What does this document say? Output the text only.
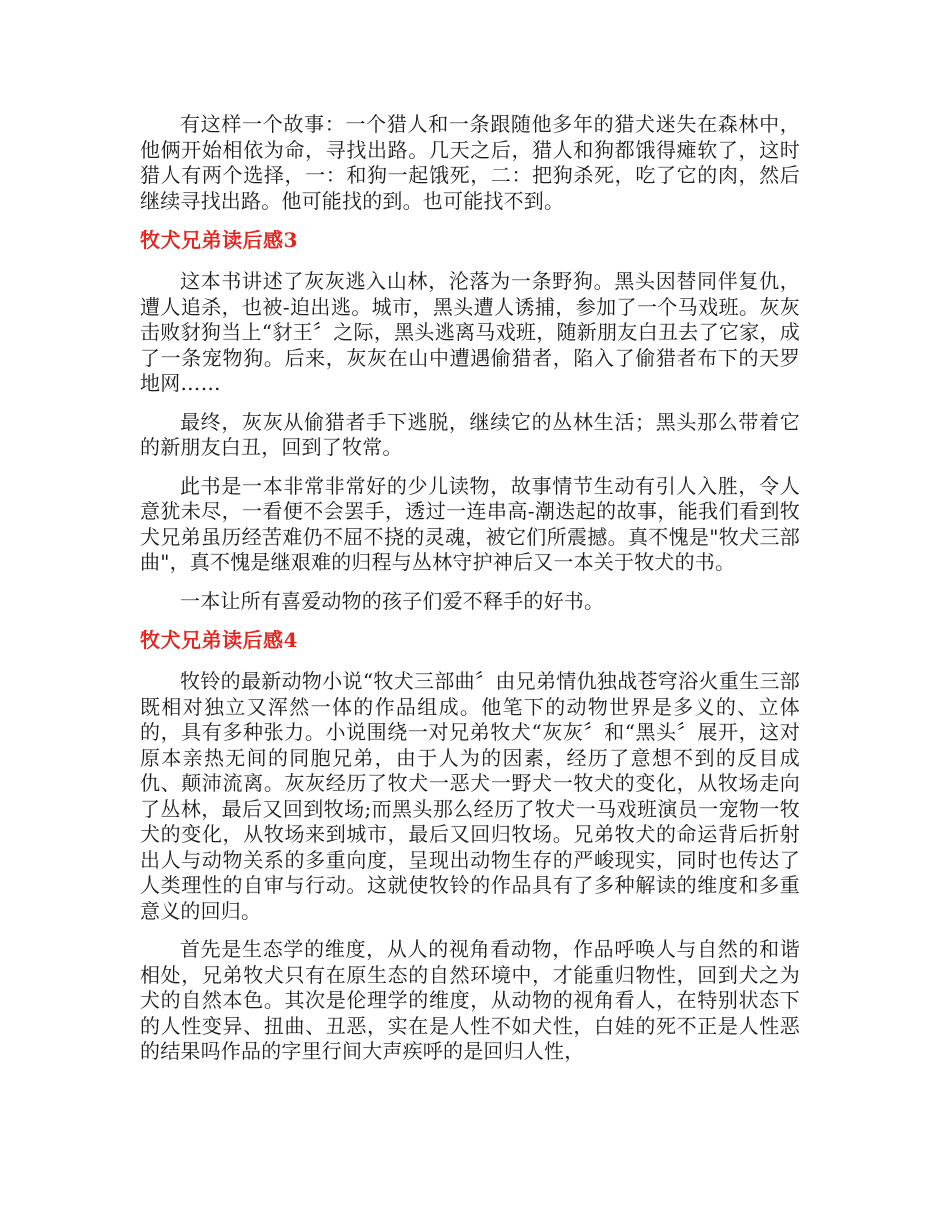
有这样一个故事：一个猎人和一条跟随他多年的猎犬迷失在森林中，他俩开始相依为命，寻找出路。几天之后，猎人和狗都饿得瘫软了，这时猎人有两个选择，一：和狗一起饿死，二：把狗杀死，吃了它的肉，然后继续寻找出路。他可能找的到。也可能找不到。

牧犬兄弟读后感3

这本书讲述了灰灰逃入山林，沦落为一条野狗。黑头因替同伴复仇，遭人追杀，也被-迫出逃。城市，黑头遭人诱捕，参加了一个马戏班。灰灰击败豺狗当上“豺王〞之际，黑头逃离马戏班，随新朋友白丑去了它家，成了一条宠物狗。后来，灰灰在山中遭遇偷猎者，陷入了偷猎者布下的天罗地网……

最终，灰灰从偷猎者手下逃脱，继续它的丛林生活；黑头那么带着它的新朋友白丑，回到了牧常。

此书是一本非常非常好的少儿读物，故事情节生动有引人入胜，令人意犹未尽，一看便不会罢手，透过一连串高-潮迭起的故事，能我们看到牧犬兄弟虽历经苦难仍不屈不挠的灵魂，被它们所震撼。真不愧是"牧犬三部曲"，真不愧是继艰难的归程与丛林守护神后又一本关于牧犬的书。

一本让所有喜爱动物的孩子们爱不释手的好书。

牧犬兄弟读后感4

牧铃的最新动物小说“牧犬三部曲〞由兄弟情仇独战苍穹浴火重生三部既相对独立又浑然一体的作品组成。他笔下的动物世界是多义的、立体的，具有多种张力。小说围绕一对兄弟牧犬“灰灰〞和“黑头〞展开，这对原本亲热无间的同胞兄弟，由于人为的因素，经历了意想不到的反目成仇、颠沛流离。灰灰经历了牧犬一恶犬一野犬一牧犬的变化，从牧场走向了丛林，最后又回到牧场;而黑头那么经历了牧犬一马戏班演员一宠物一牧犬的变化，从牧场来到城市，最后又回归牧场。兄弟牧犬的命运背后折射出人与动物关系的多重向度，呈现出动物生存的严峻现实，同时也传达了人类理性的自审与行动。这就使牧铃的作品具有了多种解读的维度和多重意义的回归。

首先是生态学的维度，从人的视角看动物，作品呼唤人与自然的和谐相处，兄弟牧犬只有在原生态的自然环境中，才能重归物性，回到犬之为犬的自然本色。其次是伦理学的维度，从动物的视角看人，在特别状态下的人性变异、扭曲、丑恶，实在是人性不如犬性，白娃的死不正是人性恶的结果吗作品的字里行间大声疾呼的是回归人性，
